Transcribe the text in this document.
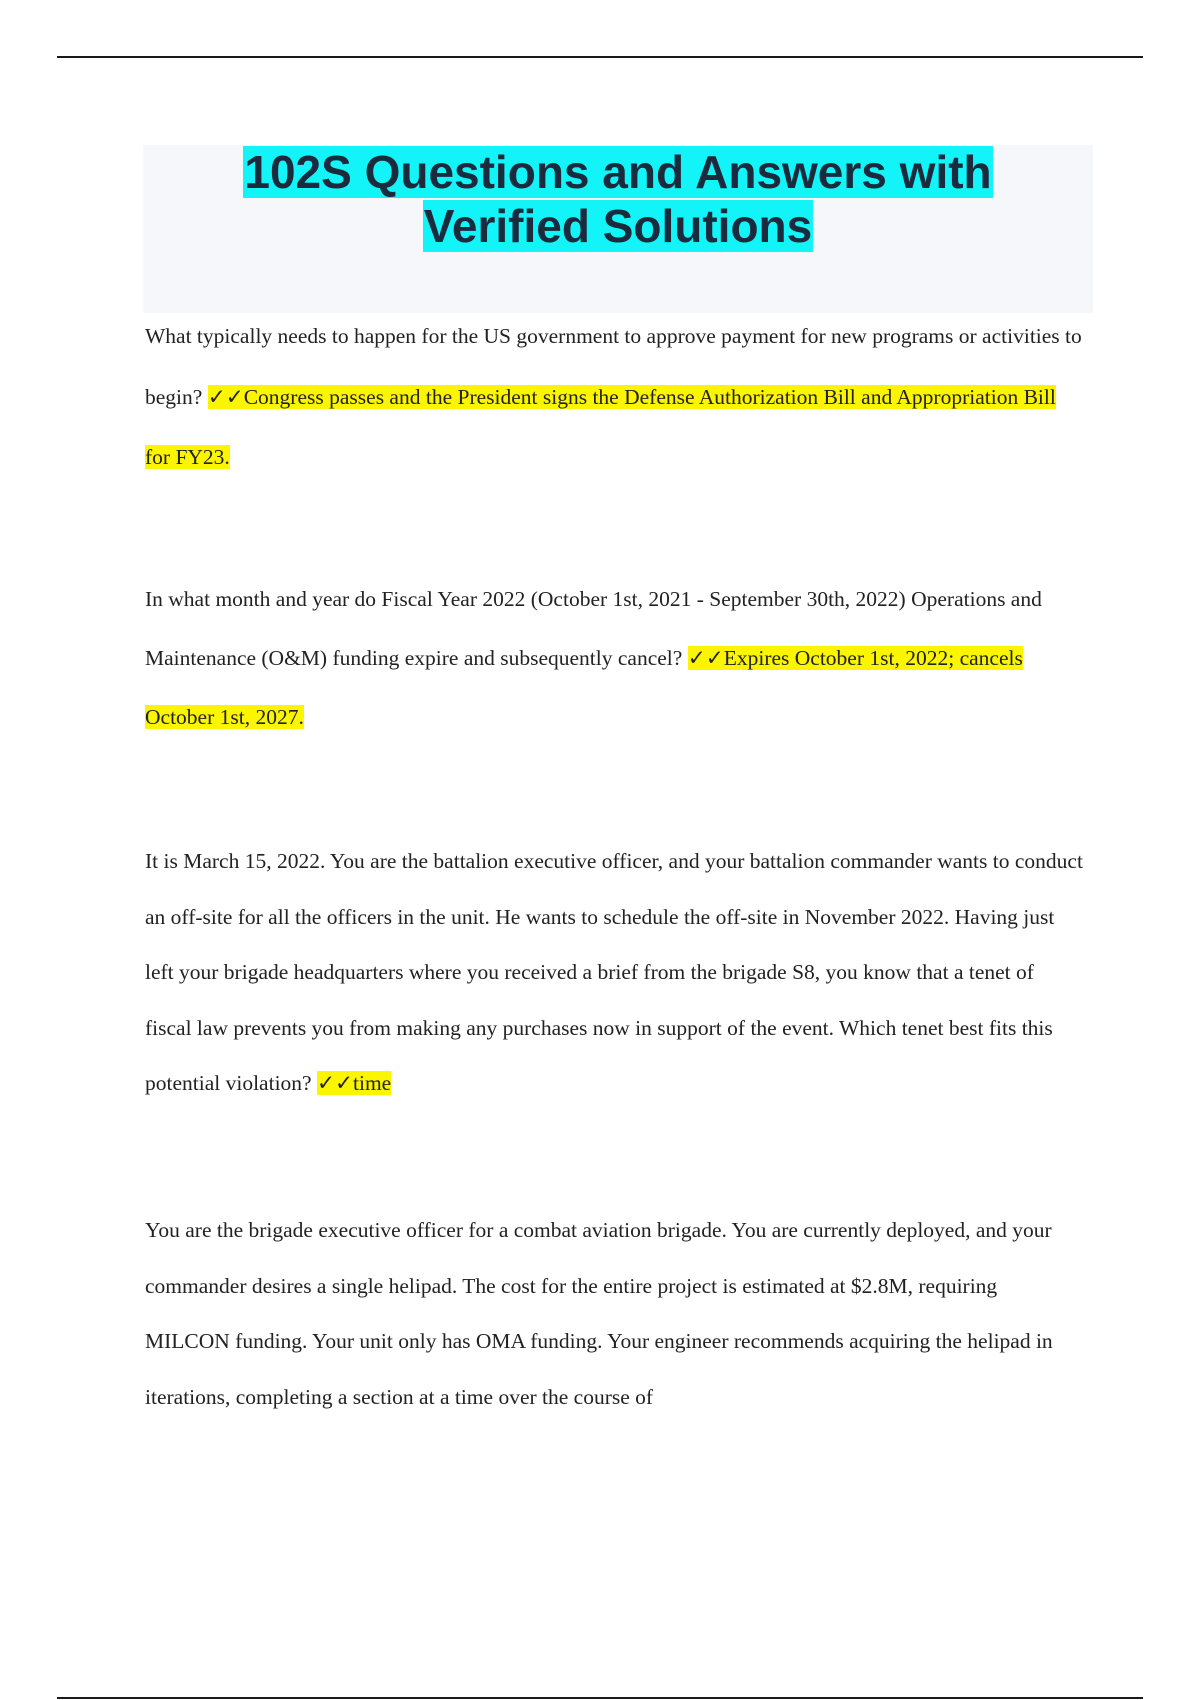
102S Questions and Answers with
Verified Solutions

What typically needs to happen for the US government to approve payment for new programs or activities to begin? ✓✓Congress passes and the President signs the Defense Authorization Bill and Appropriation Bill for FY23.

In what month and year do Fiscal Year 2022 (October 1st, 2021 - September 30th, 2022) Operations and Maintenance (O&M) funding expire and subsequently cancel? ✓✓Expires October 1st, 2022; cancels October 1st, 2027.

It is March 15, 2022. You are the battalion executive officer, and your battalion commander wants to conduct an off-site for all the officers in the unit. He wants to schedule the off-site in November 2022. Having just left your brigade headquarters where you received a brief from the brigade S8, you know that a tenet of fiscal law prevents you from making any purchases now in support of the event. Which tenet best fits this potential violation? ✓✓time

You are the brigade executive officer for a combat aviation brigade. You are currently deployed, and your commander desires a single helipad. The cost for the entire project is estimated at $2.8M, requiring MILCON funding. Your unit only has OMA funding. Your engineer recommends acquiring the helipad in iterations, completing a section at a time over the course of
